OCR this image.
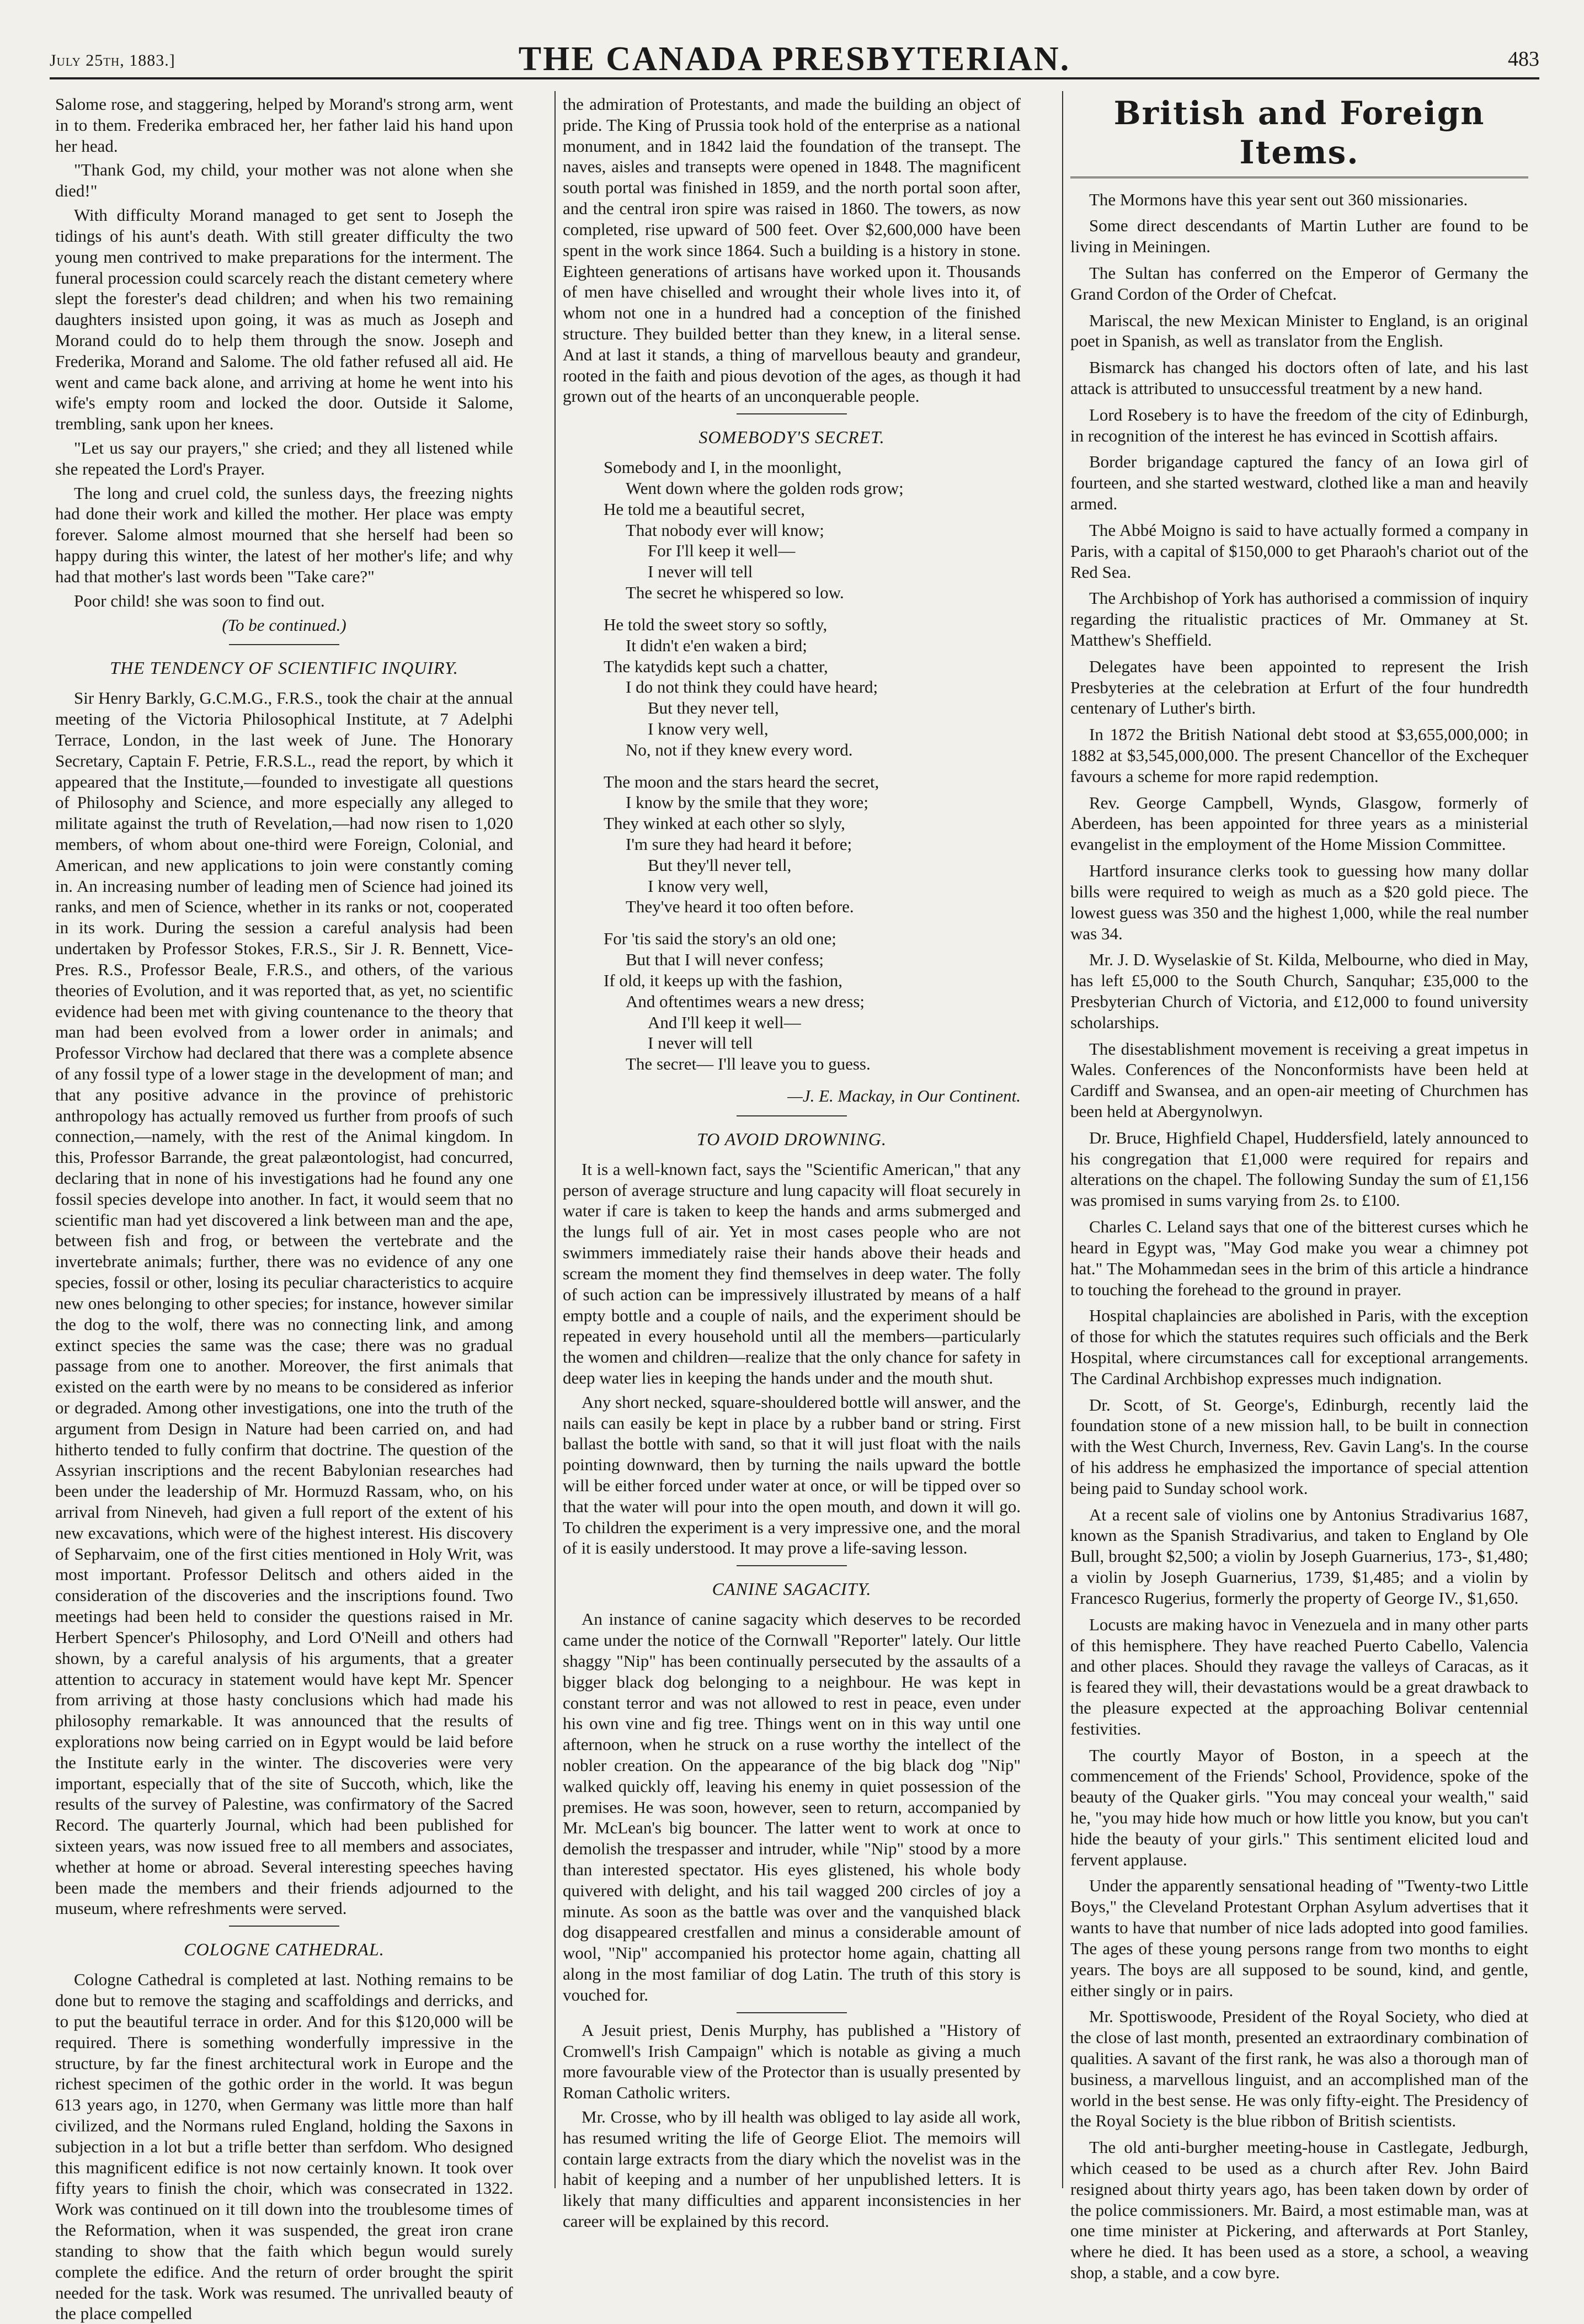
July 25th, 1883.]	THE CANADA PRESBYTERIAN.	483

Salome rose, and staggering, helped by Morand's strong arm, went in to them. Frederika embraced her, her father laid his hand upon her head.

"Thank God, my child, your mother was not alone when she died!"

With difficulty Morand managed to get sent to Joseph the tidings of his aunt's death. With still greater difficulty the two young men contrived to make preparations for the interment. The funeral procession could scarcely reach the distant cemetery where slept the forester's dead children; and when his two remaining daughters insisted upon going, it was as much as Joseph and Morand could do to help them through the snow. Joseph and Frederika, Morand and Salome. The old father refused all aid. He went and came back alone, and arriving at home he went into his wife's empty room and locked the door. Outside it Salome, trembling, sank upon her knees.

"Let us say our prayers," she cried; and they all listened while she repeated the Lord's Prayer.

The long and cruel cold, the sunless days, the freezing nights had done their work and killed the mother. Her place was empty forever. Salome almost mourned that she herself had been so happy during this winter, the latest of her mother's life; and why had that mother's last words been "Take care?"

Poor child! she was soon to find out.

(To be continued.)

THE TENDENCY OF SCIENTIFIC INQUIRY.

Sir Henry Barkly, G.C.M.G., F.R.S., took the chair at the annual meeting of the Victoria Philosophical Institute, at 7 Adelphi Terrace, London, in the last week of June. The Honorary Secretary, Captain F. Petrie, F.R.S.L., read the report, by which it appeared that the Institute,—founded to investigate all questions of Philosophy and Science, and more especially any alleged to militate against the truth of Revelation,—had now risen to 1,020 members, of whom about one-third were Foreign, Colonial, and American, and new applications to join were constantly coming in. An increasing number of leading men of Science had joined its ranks, and men of Science, whether in its ranks or not, cooperated in its work. During the session a careful analysis had been undertaken by Professor Stokes, F.R.S., Sir J. R. Bennett, Vice-Pres. R.S., Professor Beale, F.R.S., and others, of the various theories of Evolution, and it was reported that, as yet, no scientific evidence had been met with giving countenance to the theory that man had been evolved from a lower order in animals; and Professor Virchow had declared that there was a complete absence of any fossil type of a lower stage in the development of man; and that any positive advance in the province of prehistoric anthropology has actually removed us further from proofs of such connection,—namely, with the rest of the Animal kingdom. In this, Professor Barrande, the great palæontologist, had concurred, declaring that in none of his investigations had he found any one fossil species develope into another. In fact, it would seem that no scientific man had yet discovered a link between man and the ape, between fish and frog, or between the vertebrate and the invertebrate animals; further, there was no evidence of any one species, fossil or other, losing its peculiar characteristics to acquire new ones belonging to other species; for instance, however similar the dog to the wolf, there was no connecting link, and among extinct species the same was the case; there was no gradual passage from one to another. Moreover, the first animals that existed on the earth were by no means to be considered as inferior or degraded. Among other investigations, one into the truth of the argument from Design in Nature had been carried on, and had hitherto tended to fully confirm that doctrine. The question of the Assyrian inscriptions and the recent Babylonian researches had been under the leadership of Mr. Hormuzd Rassam, who, on his arrival from Nineveh, had given a full report of the extent of his new excavations, which were of the highest interest. His discovery of Sepharvaim, one of the first cities mentioned in Holy Writ, was most important. Professor Delitsch and others aided in the consideration of the discoveries and the inscriptions found. Two meetings had been held to consider the questions raised in Mr. Herbert Spencer's Philosophy, and Lord O'Neill and others had shown, by a careful analysis of his arguments, that a greater attention to accuracy in statement would have kept Mr. Spencer from arriving at those hasty conclusions which had made his philosophy remarkable. It was announced that the results of explorations now being carried on in Egypt would be laid before the Institute early in the winter. The discoveries were very important, especially that of the site of Succoth, which, like the results of the survey of Palestine, was confirmatory of the Sacred Record. The quarterly Journal, which had been published for sixteen years, was now issued free to all members and associates, whether at home or abroad. Several interesting speeches having been made the members and their friends adjourned to the museum, where refreshments were served.

COLOGNE CATHEDRAL.

Cologne Cathedral is completed at last. Nothing remains to be done but to remove the staging and scaffoldings and derricks, and to put the beautiful terrace in order. And for this $120,000 will be required. There is something wonderfully impressive in the structure, by far the finest architectural work in Europe and the richest specimen of the gothic order in the world. It was begun 613 years ago, in 1270, when Germany was little more than half civilized, and the Normans ruled England, holding the Saxons in subjection in a lot but a trifle better than serfdom. Who designed this magnificent edifice is not now certainly known. It took over fifty years to finish the choir, which was consecrated in 1322. Work was continued on it till down into the troublesome times of the Reformation, when it was suspended, the great iron crane standing to show that the faith which begun would surely complete the edifice. And the return of order brought the spirit needed for the task. Work was resumed. The unrivalled beauty of the place compelled

the admiration of Protestants, and made the building an object of pride. The King of Prussia took hold of the enterprise as a national monument, and in 1842 laid the foundation of the transept. The naves, aisles and transepts were opened in 1848. The magnificent south portal was finished in 1859, and the north portal soon after, and the central iron spire was raised in 1860. The towers, as now completed, rise upward of 500 feet. Over $2,600,000 have been spent in the work since 1864. Such a building is a history in stone. Eighteen generations of artisans have worked upon it. Thousands of men have chiselled and wrought their whole lives into it, of whom not one in a hundred had a conception of the finished structure. They builded better than they knew, in a literal sense. And at last it stands, a thing of marvellous beauty and grandeur, rooted in the faith and pious devotion of the ages, as though it had grown out of the hearts of an unconquerable people.

SOMEBODY'S SECRET.

Somebody and I, in the moonlight,

Went down where the golden rods grow;

He told me a beautiful secret,

That nobody ever will know;

For I'll keep it well—

I never will tell

The secret he whispered so low.

He told the sweet story so softly,

It didn't e'en waken a bird;

The katydids kept such a chatter,

I do not think they could have heard;

But they never tell,

I know very well,

No, not if they knew every word.

The moon and the stars heard the secret,

I know by the smile that they wore;

They winked at each other so slyly,

I'm sure they had heard it before;

But they'll never tell,

I know very well,

They've heard it too often before.

For 'tis said the story's an old one;

But that I will never confess;

If old, it keeps up with the fashion,

And oftentimes wears a new dress;

And I'll keep it well—

I never will tell

The secret— I'll leave you to guess.

—J. E. Mackay, in Our Continent.

TO AVOID DROWNING.

It is a well-known fact, says the "Scientific American," that any person of average structure and lung capacity will float securely in water if care is taken to keep the hands and arms submerged and the lungs full of air. Yet in most cases people who are not swimmers immediately raise their hands above their heads and scream the moment they find themselves in deep water. The folly of such action can be impressively illustrated by means of a half empty bottle and a couple of nails, and the experiment should be repeated in every household until all the members—particularly the women and children—realize that the only chance for safety in deep water lies in keeping the hands under and the mouth shut.

Any short necked, square-shouldered bottle will answer, and the nails can easily be kept in place by a rubber band or string. First ballast the bottle with sand, so that it will just float with the nails pointing downward, then by turning the nails upward the bottle will be either forced under water at once, or will be tipped over so that the water will pour into the open mouth, and down it will go. To children the experiment is a very impressive one, and the moral of it is easily understood. It may prove a life-saving lesson.

CANINE SAGACITY.

An instance of canine sagacity which deserves to be recorded came under the notice of the Cornwall "Reporter" lately. Our little shaggy "Nip" has been continually persecuted by the assaults of a bigger black dog belonging to a neighbour. He was kept in constant terror and was not allowed to rest in peace, even under his own vine and fig tree. Things went on in this way until one afternoon, when he struck on a ruse worthy the intellect of the nobler creation. On the appearance of the big black dog "Nip" walked quickly off, leaving his enemy in quiet possession of the premises. He was soon, however, seen to return, accompanied by Mr. McLean's big bouncer. The latter went to work at once to demolish the trespasser and intruder, while "Nip" stood by a more than interested spectator. His eyes glistened, his whole body quivered with delight, and his tail wagged 200 circles of joy a minute. As soon as the battle was over and the vanquished black dog disappeared crestfallen and minus a considerable amount of wool, "Nip" accompanied his protector home again, chatting all along in the most familiar of dog Latin. The truth of this story is vouched for.

A Jesuit priest, Denis Murphy, has published a "History of Cromwell's Irish Campaign" which is notable as giving a much more favourable view of the Protector than is usually presented by Roman Catholic writers.

Mr. Crosse, who by ill health was obliged to lay aside all work, has resumed writing the life of George Eliot. The memoirs will contain large extracts from the diary which the novelist was in the habit of keeping and a number of her unpublished letters. It is likely that many difficulties and apparent inconsistencies in her career will be explained by this record.

British and Foreign Items.

The Mormons have this year sent out 360 missionaries.

Some direct descendants of Martin Luther are found to be living in Meiningen.

The Sultan has conferred on the Emperor of Germany the Grand Cordon of the Order of Chefcat.

Mariscal, the new Mexican Minister to England, is an original poet in Spanish, as well as translator from the English.

Bismarck has changed his doctors often of late, and his last attack is attributed to unsuccessful treatment by a new hand.

Lord Rosebery is to have the freedom of the city of Edinburgh, in recognition of the interest he has evinced in Scottish affairs.

Border brigandage captured the fancy of an Iowa girl of fourteen, and she started westward, clothed like a man and heavily armed.

The Abbé Moigno is said to have actually formed a company in Paris, with a capital of $150,000 to get Pharaoh's chariot out of the Red Sea.

The Archbishop of York has authorised a commission of inquiry regarding the ritualistic practices of Mr. Ommaney at St. Matthew's Sheffield.

Delegates have been appointed to represent the Irish Presbyteries at the celebration at Erfurt of the four hundredth centenary of Luther's birth.

In 1872 the British National debt stood at $3,655,000,000; in 1882 at $3,545,000,000. The present Chancellor of the Exchequer favours a scheme for more rapid redemption.

Rev. George Campbell, Wynds, Glasgow, formerly of Aberdeen, has been appointed for three years as a ministerial evangelist in the employment of the Home Mission Committee.

Hartford insurance clerks took to guessing how many dollar bills were required to weigh as much as a $20 gold piece. The lowest guess was 350 and the highest 1,000, while the real number was 34.

Mr. J. D. Wyselaskie of St. Kilda, Melbourne, who died in May, has left £5,000 to the South Church, Sanquhar; £35,000 to the Presbyterian Church of Victoria, and £12,000 to found university scholarships.

The disestablishment movement is receiving a great impetus in Wales. Conferences of the Nonconformists have been held at Cardiff and Swansea, and an open-air meeting of Churchmen has been held at Abergynolwyn.

Dr. Bruce, Highfield Chapel, Huddersfield, lately announced to his congregation that £1,000 were required for repairs and alterations on the chapel. The following Sunday the sum of £1,156 was promised in sums varying from 2s. to £100.

Charles C. Leland says that one of the bitterest curses which he heard in Egypt was, "May God make you wear a chimney pot hat." The Mohammedan sees in the brim of this article a hindrance to touching the forehead to the ground in prayer.

Hospital chaplaincies are abolished in Paris, with the exception of those for which the statutes requires such officials and the Berk Hospital, where circumstances call for exceptional arrangements. The Cardinal Archbishop expresses much indignation.

Dr. Scott, of St. George's, Edinburgh, recently laid the foundation stone of a new mission hall, to be built in connection with the West Church, Inverness, Rev. Gavin Lang's. In the course of his address he emphasized the importance of special attention being paid to Sunday school work.

At a recent sale of violins one by Antonius Stradivarius 1687, known as the Spanish Stradivarius, and taken to England by Ole Bull, brought $2,500; a violin by Joseph Guarnerius, 173-, $1,480; a violin by Joseph Guarnerius, 1739, $1,485; and a violin by Francesco Rugerius, formerly the property of George IV., $1,650.

Locusts are making havoc in Venezuela and in many other parts of this hemisphere. They have reached Puerto Cabello, Valencia and other places. Should they ravage the valleys of Caracas, as it is feared they will, their devastations would be a great drawback to the pleasure expected at the approaching Bolivar centennial festivities.

The courtly Mayor of Boston, in a speech at the commencement of the Friends' School, Providence, spoke of the beauty of the Quaker girls. "You may conceal your wealth," said he, "you may hide how much or how little you know, but you can't hide the beauty of your girls." This sentiment elicited loud and fervent applause.

Under the apparently sensational heading of "Twenty-two Little Boys," the Cleveland Protestant Orphan Asylum advertises that it wants to have that number of nice lads adopted into good families. The ages of these young persons range from two months to eight years. The boys are all supposed to be sound, kind, and gentle, either singly or in pairs.

Mr. Spottiswoode, President of the Royal Society, who died at the close of last month, presented an extraordinary combination of qualities. A savant of the first rank, he was also a thorough man of business, a marvellous linguist, and an accomplished man of the world in the best sense. He was only fifty-eight. The Presidency of the Royal Society is the blue ribbon of British scientists.

The old anti-burgher meeting-house in Castlegate, Jedburgh, which ceased to be used as a church after Rev. John Baird resigned about thirty years ago, has been taken down by order of the police commissioners. Mr. Baird, a most estimable man, was at one time minister at Pickering, and afterwards at Port Stanley, where he died. It has been used as a store, a school, a weaving shop, a stable, and a cow byre.
